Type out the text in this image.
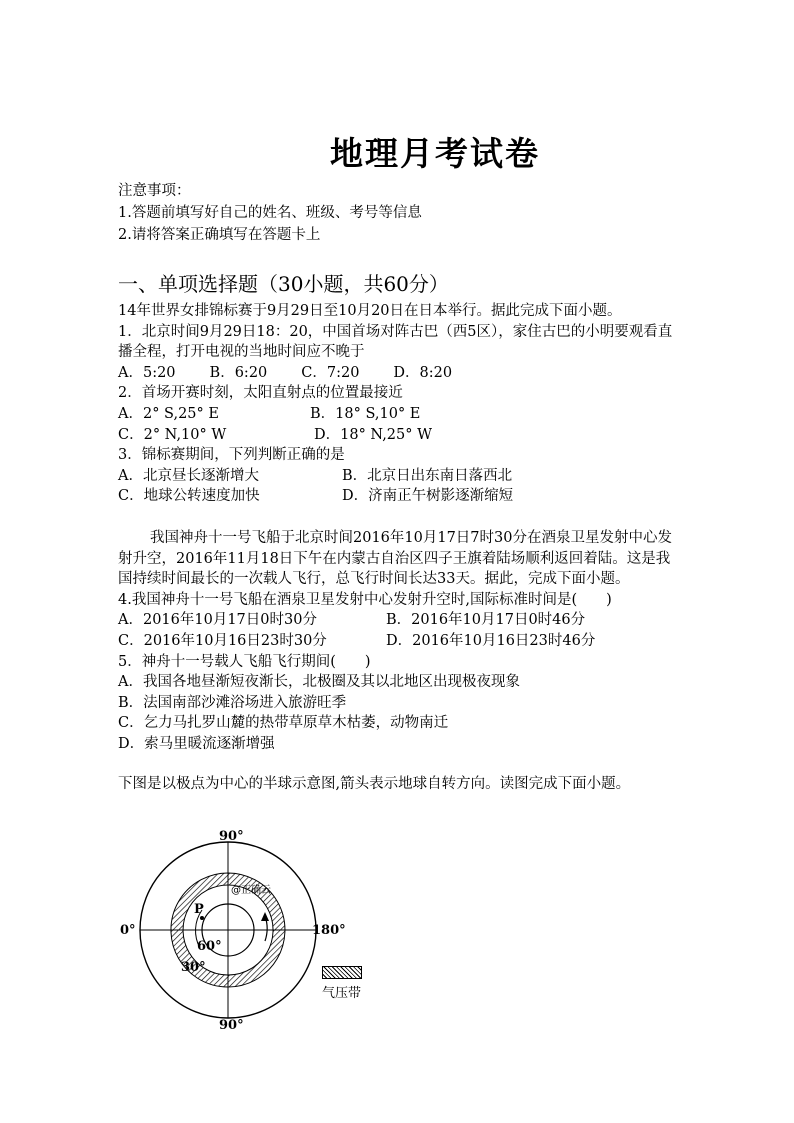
地理月考试卷
注意事项：
1.答题前填写好自己的姓名、班级、考号等信息
2.请将答案正确填写在答题卡上
一、单项选择题（30小题，共60分）

14年世界女排锦标赛于9月29日至10月20日在日本举行。据此完成下面小题。

1．北京时间9月29日18：20，中国首场对阵古巴（西5区），家住古巴的小明要观看直播全程，打开电视的当地时间应不晚于

A．5:20 B．6:20 C．7:20 D．8:20

2．首场开赛时刻，太阳直射点的位置最接近

A．2° S,25° E	B．18° S,10° E
C．2° N,10° W	D．18° N,25° W

3．锦标赛期间，下列判断正确的是

A．北京昼长逐渐增大	B．北京日出东南日落西北
C．地球公转速度加快	D．济南正午树影逐渐缩短

我国神舟十一号飞船于北京时间2016年10月17日7时30分在酒泉卫星发射中心发射升空，2016年11月18日下午在内蒙古自治区四子王旗着陆场顺利返回着陆。这是我国持续时间最长的一次载人飞行，总飞行时间长达33天。据此，完成下面小题。

4.我国神舟十一号飞船在酒泉卫星发射中心发射升空时,国际标准时间是(　　)

A．2016年10月17日0时30分	B．2016年10月17日0时46分
C．2016年10月16日23时30分	D．2016年10月16日23时46分

5．神舟十一号载人飞船飞行期间(　　)

A．我国各地昼渐短夜渐长，北极圈及其以北地区出现极夜现象

B．法国南部沙滩浴场进入旅游旺季

C．乞力马扎罗山麓的热带草原草木枯萎，动物南迁

D．索马里暖流逐渐增强

下图是以极点为中心的半球示意图,箭头表示地球自转方向。读图完成下面小题。

90°
90°
0°	180°
60°
30°
P
@正确云
气压带
